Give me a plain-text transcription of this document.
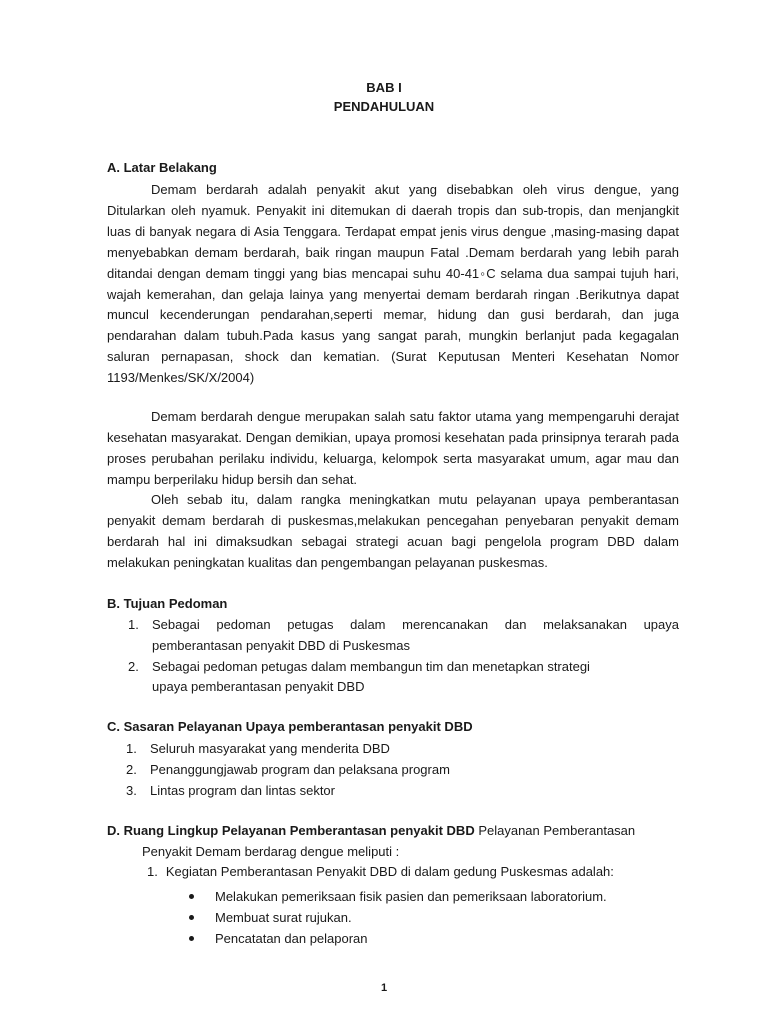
BAB I
PENDAHULUAN
A. Latar Belakang

Demam berdarah adalah penyakit akut yang disebabkan oleh virus dengue, yang Ditularkan oleh nyamuk. Penyakit ini ditemukan di daerah tropis dan sub-tropis, dan menjangkit luas di banyak negara di Asia Tenggara. Terdapat empat jenis virus dengue ,masing-masing dapat menyebabkan demam berdarah, baik ringan maupun Fatal .Demam berdarah yang lebih parah ditandai dengan demam tinggi yang bias mencapai suhu 40-41◦C selama dua sampai tujuh hari, wajah kemerahan, dan gelaja lainya yang menyertai demam berdarah ringan .Berikutnya dapat muncul kecenderungan pendarahan,seperti memar, hidung dan gusi berdarah, dan juga pendarahan dalam tubuh.Pada kasus yang sangat parah, mungkin berlanjut pada kegagalan saluran pernapasan, shock dan kematian. (Surat Keputusan Menteri Kesehatan Nomor 1193/Menkes/SK/X/2004)

Demam berdarah dengue merupakan salah satu faktor utama yang mempengaruhi derajat kesehatan masyarakat. Dengan demikian, upaya promosi kesehatan pada prinsipnya terarah pada proses perubahan perilaku individu, keluarga, kelompok serta masyarakat umum, agar mau dan mampu berperilaku hidup bersih dan sehat.

Oleh sebab itu, dalam rangka meningkatkan mutu pelayanan upaya pemberantasan penyakit demam berdarah di puskesmas,melakukan pencegahan penyebaran penyakit demam berdarah hal ini dimaksudkan sebagai strategi acuan bagi pengelola program DBD dalam melakukan peningkatan kualitas dan pengembangan pelayanan puskesmas.

B. Tujuan Pedoman
1. Sebagai pedoman petugas dalam merencanakan dan melaksanakan upaya pemberantasan penyakit DBD di Puskesmas
2. Sebagai pedoman petugas dalam membangun tim dan menetapkan strategi
upaya pemberantasan penyakit DBD
C. Sasaran Pelayanan Upaya pemberantasan penyakit DBD
1. Seluruh masyarakat yang menderita DBD
2. Penanggungjawab program dan pelaksana program
3. Lintas program dan lintas sektor
D. Ruang Lingkup Pelayanan Pemberantasan penyakit DBD Pelayanan Pemberantasan
Penyakit Demam berdarag dengue meliputi :
1. Kegiatan Pemberantasan Penyakit DBD di dalam gedung Puskesmas adalah:
Melakukan pemeriksaan fisik pasien dan pemeriksaan laboratorium.
Membuat surat rujukan.
Pencatatan dan pelaporan
1
